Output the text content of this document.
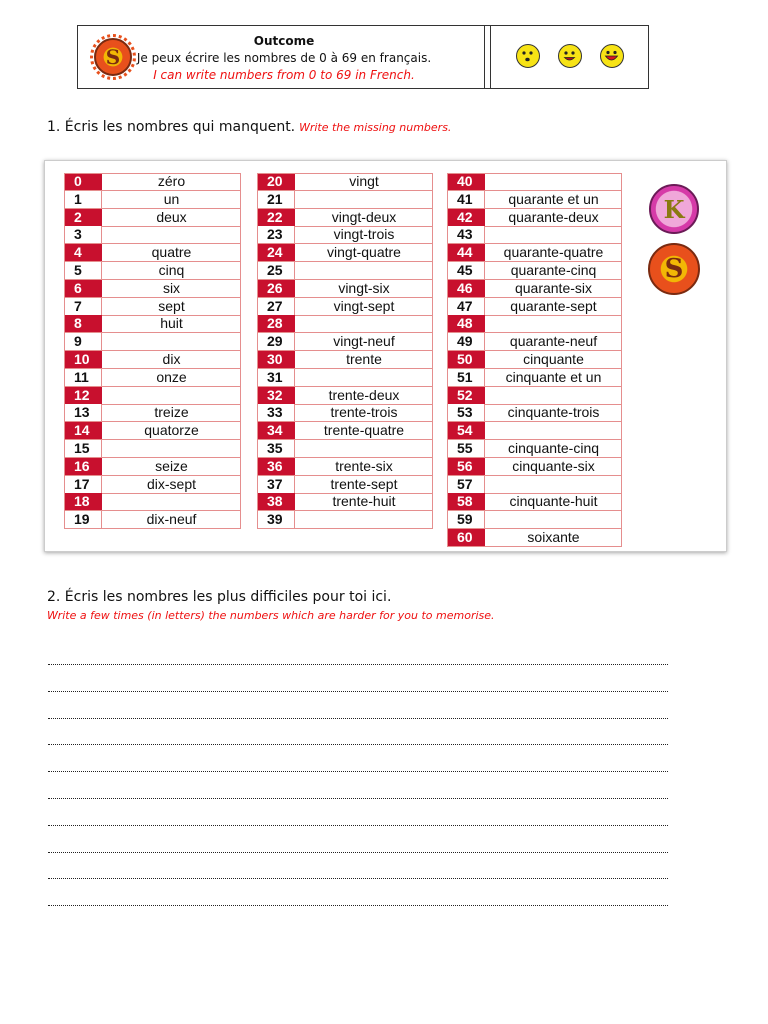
S
Outcome
Je peux écrire les nombres de 0 à 69 en français.
I can write numbers from 0 to 69 in French.
1. Écris les nombres qui manquent. Write the missing numbers.
0	zéro
1	un
2	deux
3
4	quatre
5	cinq
6	six
7	sept
8	huit
9
10	dix
11	onze
12
13	treize
14	quatorze
15
16	seize
17	dix-sept
18
19	dix-neuf
20	vingt
21
22	vingt-deux
23	vingt-trois
24	vingt-quatre
25
26	vingt-six
27	vingt-sept
28
29	vingt-neuf
30	trente
31
32	trente-deux
33	trente-trois
34	trente-quatre
35
36	trente-six
37	trente-sept
38	trente-huit
39
40
41	quarante et un
42	quarante-deux
43
44	quarante-quatre
45	quarante-cinq
46	quarante-six
47	quarante-sept
48
49	quarante-neuf
50	cinquante
51	cinquante et un
52
53	cinquante-trois
54
55	cinquante-cinq
56	cinquante-six
57
58	cinquante-huit
59
60	soixante
K
S
2. Écris les nombres les plus difficiles pour toi ici.
Write a few times (in letters) the numbers which are harder for you to memorise.
